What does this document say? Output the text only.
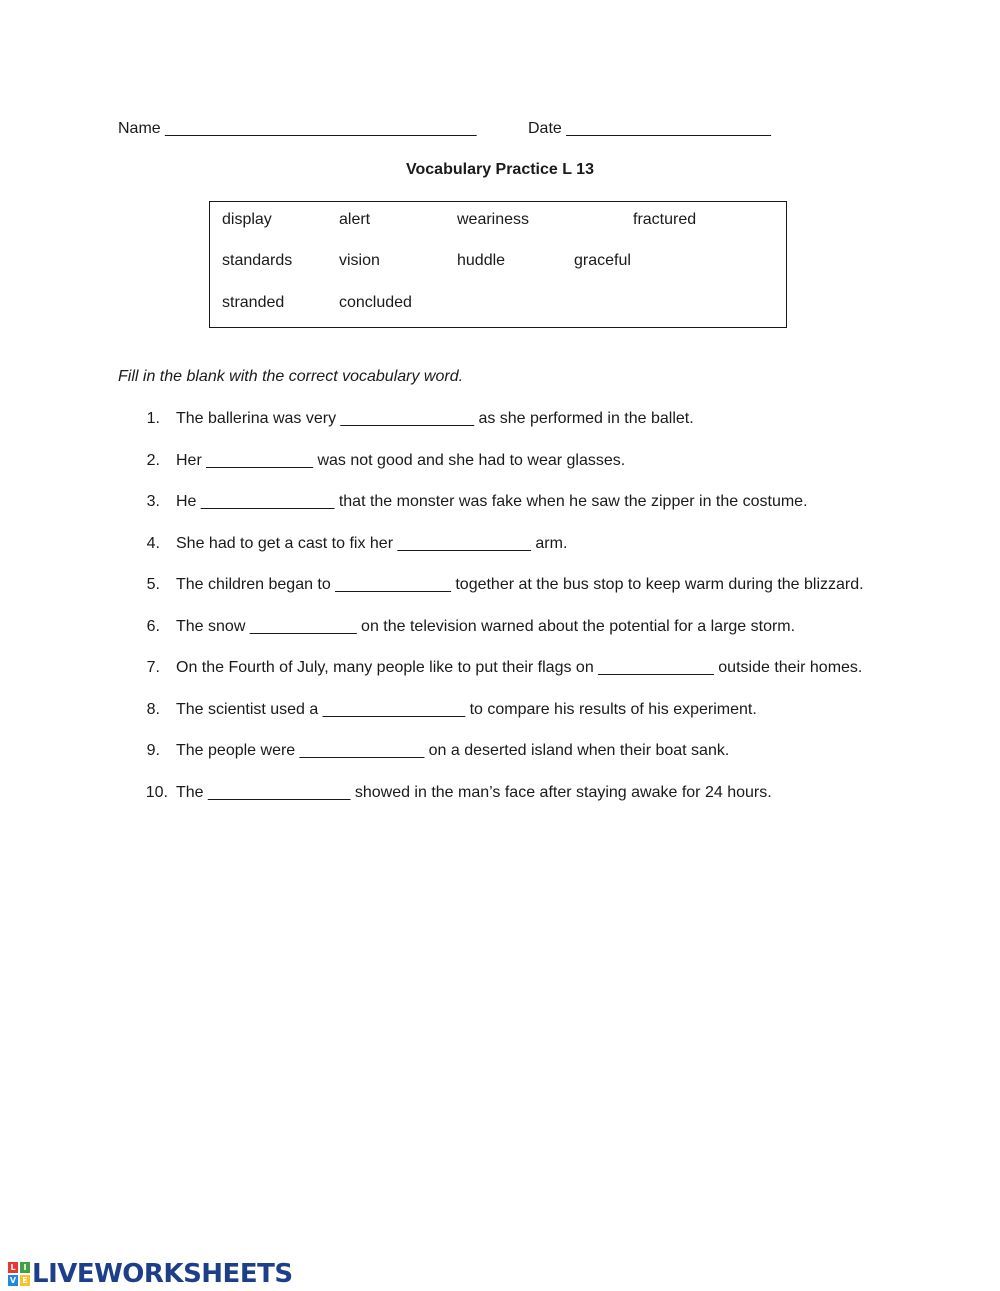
Name ___________________________________	Date _______________________
Vocabulary Practice L 13
display	alert	weariness	fractured
standards	vision	huddle	graceful
stranded	concluded
Fill in the blank with the correct vocabulary word.
1. The ballerina was very _______________ as she performed in the ballet.
2. Her ____________ was not good and she had to wear glasses.
3. He _______________ that the monster was fake when he saw the zipper in the costume.
4. She had to get a cast to fix her _______________ arm.
5. The children began to _____________ together at the bus stop to keep warm during the blizzard.
6. The snow ____________ on the television warned about the potential for a large storm.
7. On the Fourth of July, many people like to put their flags on _____________ outside their homes.
8. The scientist used a ________________ to compare his results of his experiment.
9. The people were ______________ on a deserted island when their boat sank.
10. The ________________ showed in the man’s face after staying awake for 24 hours.
L I
V E LIVEWORKSHEETS
